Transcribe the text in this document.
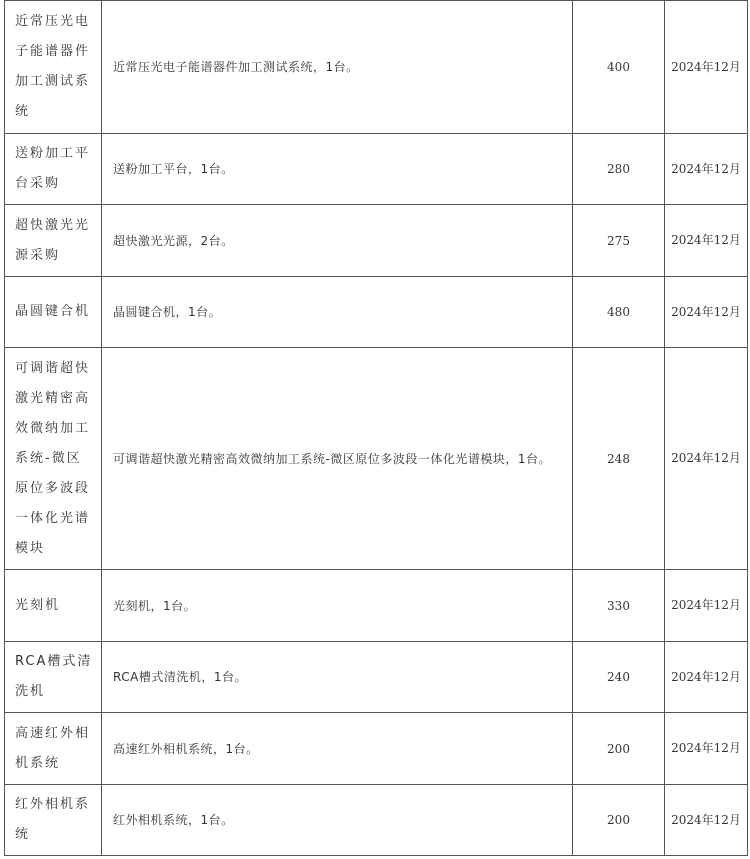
近常压光电子能谱器件加工测试系统	近常压光电子能谱器件加工测试系统，1台。	400	2024年12月
送粉加工平台采购	送粉加工平台，1台。	280	2024年12月
超快激光光源采购	超快激光光源，2台。	275	2024年12月
晶圆键合机	晶圆键合机，1台。	480	2024年12月
可调谐超快激光精密高效微纳加工系统-微区原位多波段一体化光谱模块	可调谐超快激光精密高效微纳加工系统-微区原位多波段一体化光谱模块，1台。	248	2024年12月
光刻机	光刻机，1台。	330	2024年12月
RCA槽式清洗机	RCA槽式清洗机，1台。	240	2024年12月
高速红外相机系统	高速红外相机系统，1台。	200	2024年12月
红外相机系统	红外相机系统，1台。	200	2024年12月
